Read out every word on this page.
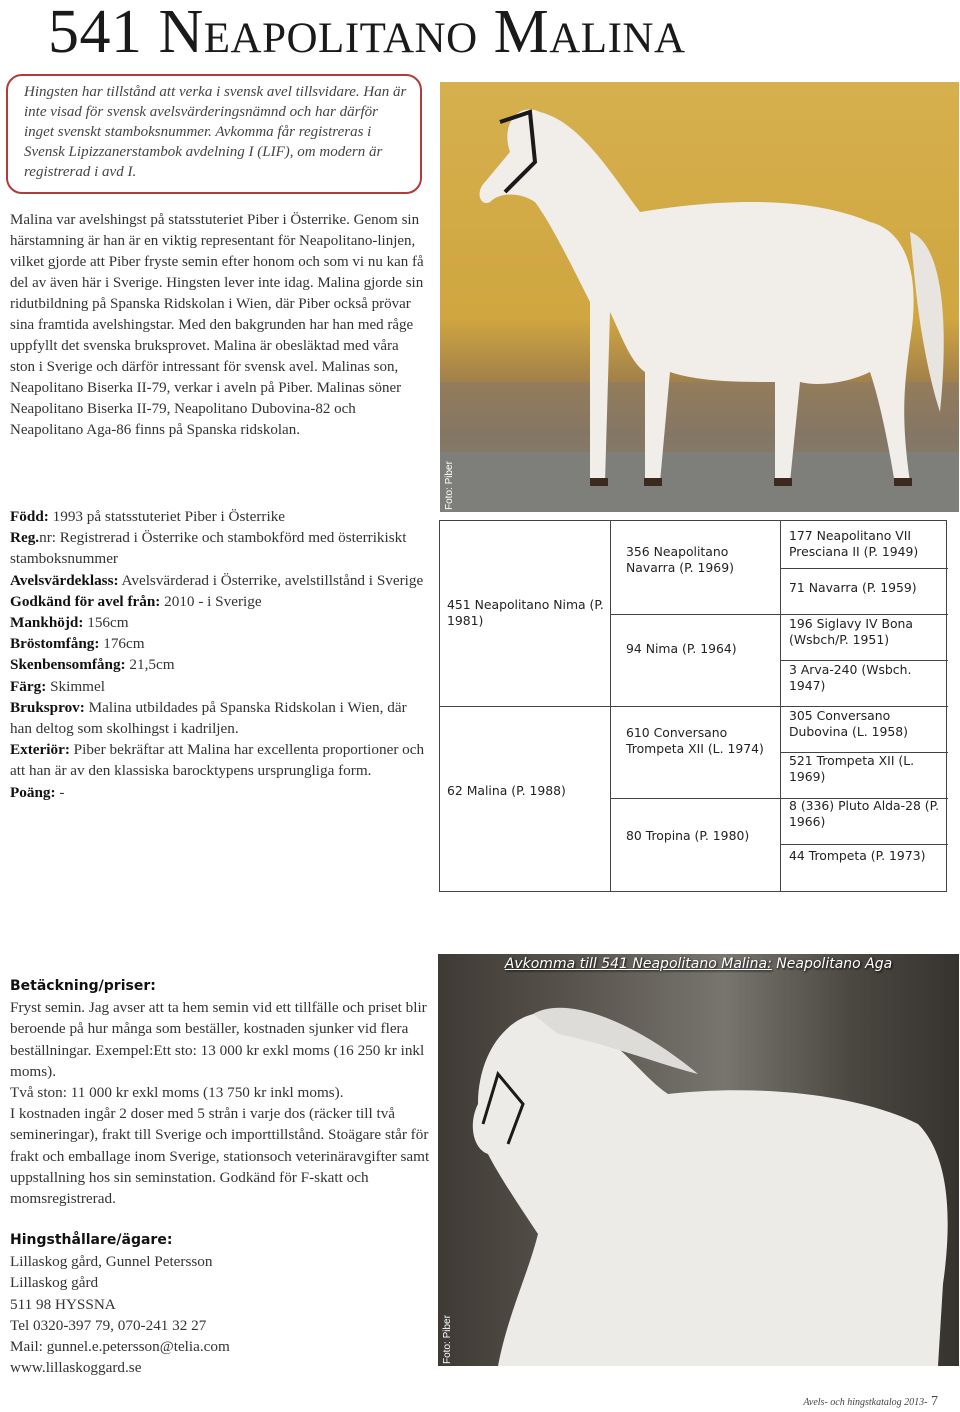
541 Neapolitano Malina
Hingsten har tillstånd att verka i svensk avel tillsvidare. Han är inte visad för svensk avelsvärderingsnämnd och har därför inget svenskt stamboksnummer. Avkomma får registreras i Svensk Lipizzanerstambok avdelning I (LIF), om modern är registrerad i avd I.

Malina var avelshingst på statsstuteriet Piber i Österrike. Genom sin härstamning är han är en viktig representant för Neapolitano-linjen, vilket gjorde att Piber fryste semin efter honom och som vi nu kan få del av även här i Sverige. Hingsten lever inte idag. Malina gjorde sin ridutbildning på Spanska Ridskolan i Wien, där Piber också prövar sina framtida avelshingstar. Med den bakgrunden har han med råge uppfyllt det svenska bruksprovet. Malina är obesläktad med våra ston i Sverige och därför intressant för svensk avel. Malinas son, Neapolitano Biserka II-79, verkar i aveln på Piber. Malinas söner Neapolitano Biserka II-79, Neapolitano Dubovina-82 och Neapolitano Aga-86 finns på Spanska ridskolan.

Född: 1993 på statsstuteriet Piber i Österrike
Reg.nr: Registrerad i Österrike och stambokförd med österrikiskt stamboksnummer
Avelsvärdeklass: Avelsvärderad i Österrike, avelstillstånd i Sverige
Godkänd för avel från: 2010 - i Sverige
Mankhöjd: 156cm
Bröstomfång: 176cm
Skenbensomfång: 21,5cm
Färg: Skimmel
Bruksprov: Malina utbildades på Spanska Ridskolan i Wien, där han deltog som skolhingst i kadriljen.
Exteriör: Piber bekräftar att Malina har excellenta proportioner och att han är av den klassiska barocktypens ursprungliga form.
Poäng: -
Foto: Piber
451 Neapolitano Nima (P. 1981)
62 Malina (P. 1988)
356 Neapolitano Navarra (P. 1969)
94 Nima (P. 1964)
610 Conversano Trompeta XII (L. 1974)
80 Tropina (P. 1980)
177 Neapolitano VII Presciana II (P. 1949)
71 Navarra (P. 1959)
196 Siglavy IV Bona (Wsbch/P. 1951)
3 Arva-240 (Wsbch. 1947)
305 Conversano Dubovina (L. 1958)
521 Trompeta XII (L. 1969)
8 (336) Pluto Alda-28 (P. 1966)
44 Trompeta (P. 1973)
Betäckning/priser:
Fryst semin. Jag avser att ta hem semin vid ett tillfälle och priset blir beroende på hur många som beställer, kostnaden sjunker vid flera beställningar. Exempel:Ett sto: 13 000 kr exkl moms (16 250 kr inkl moms).
Två ston: 11 000 kr exkl moms (13 750 kr inkl moms).
I kostnaden ingår 2 doser med 5 strån i varje dos (räcker till två semineringar), frakt till Sverige och importtillstånd. Stoägare står för frakt och emballage inom Sverige, stationsoch veterinäravgifter samt uppstallning hos sin seminstation. Godkänd för F-skatt och momsregistrerad.
Hingsthållare/ägare:
Lillaskog gård, Gunnel Petersson
Lillaskog gård
511 98 HYSSNA
Tel 0320-397 79, 070-241 32 27
Mail: gunnel.e.petersson@telia.com
www.lillaskoggard.se
Avkomma till 541 Neapolitano Malina: Neapolitano Aga
Foto: Piber
Avels- och hingstkatalog 2013- 7
